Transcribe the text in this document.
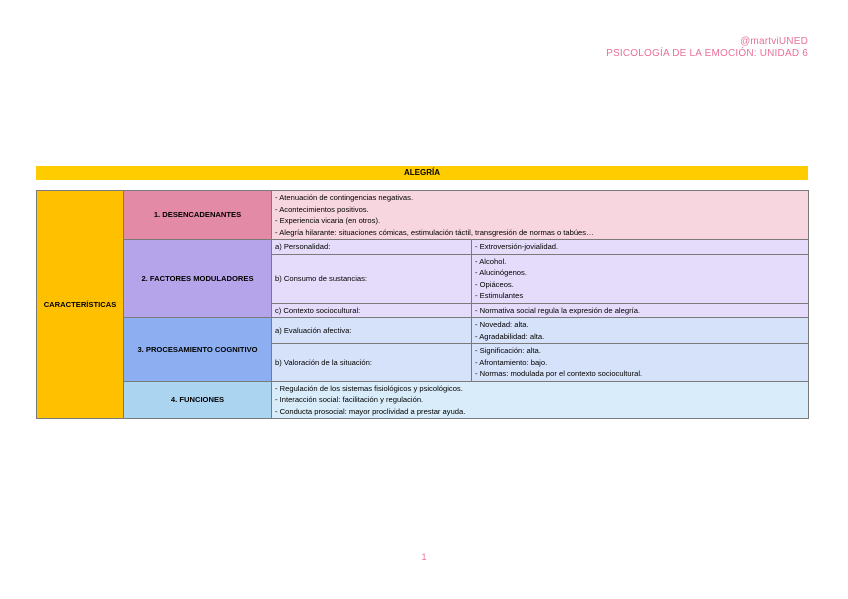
@martviUNED
PSICOLOGÍA DE LA EMOCIÓN: UNIDAD 6
ALEGRÍA
CARACTERÍSTICAS	1. DESENCADENANTES	- Atenuación de contingencias negativas.
- Acontecimientos positivos.
- Experiencia vicaria (en otros).
- Alegría hilarante: situaciones cómicas, estimulación táctil, transgresión de normas o tabúes…	

	2. FACTORES MODULADORES	a) Personalidad:	- Extroversión-jovialidad.

		b) Consumo de sustancias:	- Alcohol.
- Alucinógenos.
- Opiáceos.
- Estimulantes

		c) Contexto sociocultural:	- Normativa social regula la expresión de alegría.

	3. PROCESAMIENTO COGNITIVO	a) Evaluación afectiva:	- Novedad: alta.
- Agradabilidad: alta.

		b) Valoración de la situación:	- Significación: alta.
- Afrontamiento: bajo.
- Normas: modulada por el contexto sociocultural.

	4. FUNCIONES	- Regulación de los sistemas fisiológicos y psicológicos.
- Interacción social: facilitación y regulación.
- Conducta prosocial: mayor proclividad a prestar ayuda.	
1
